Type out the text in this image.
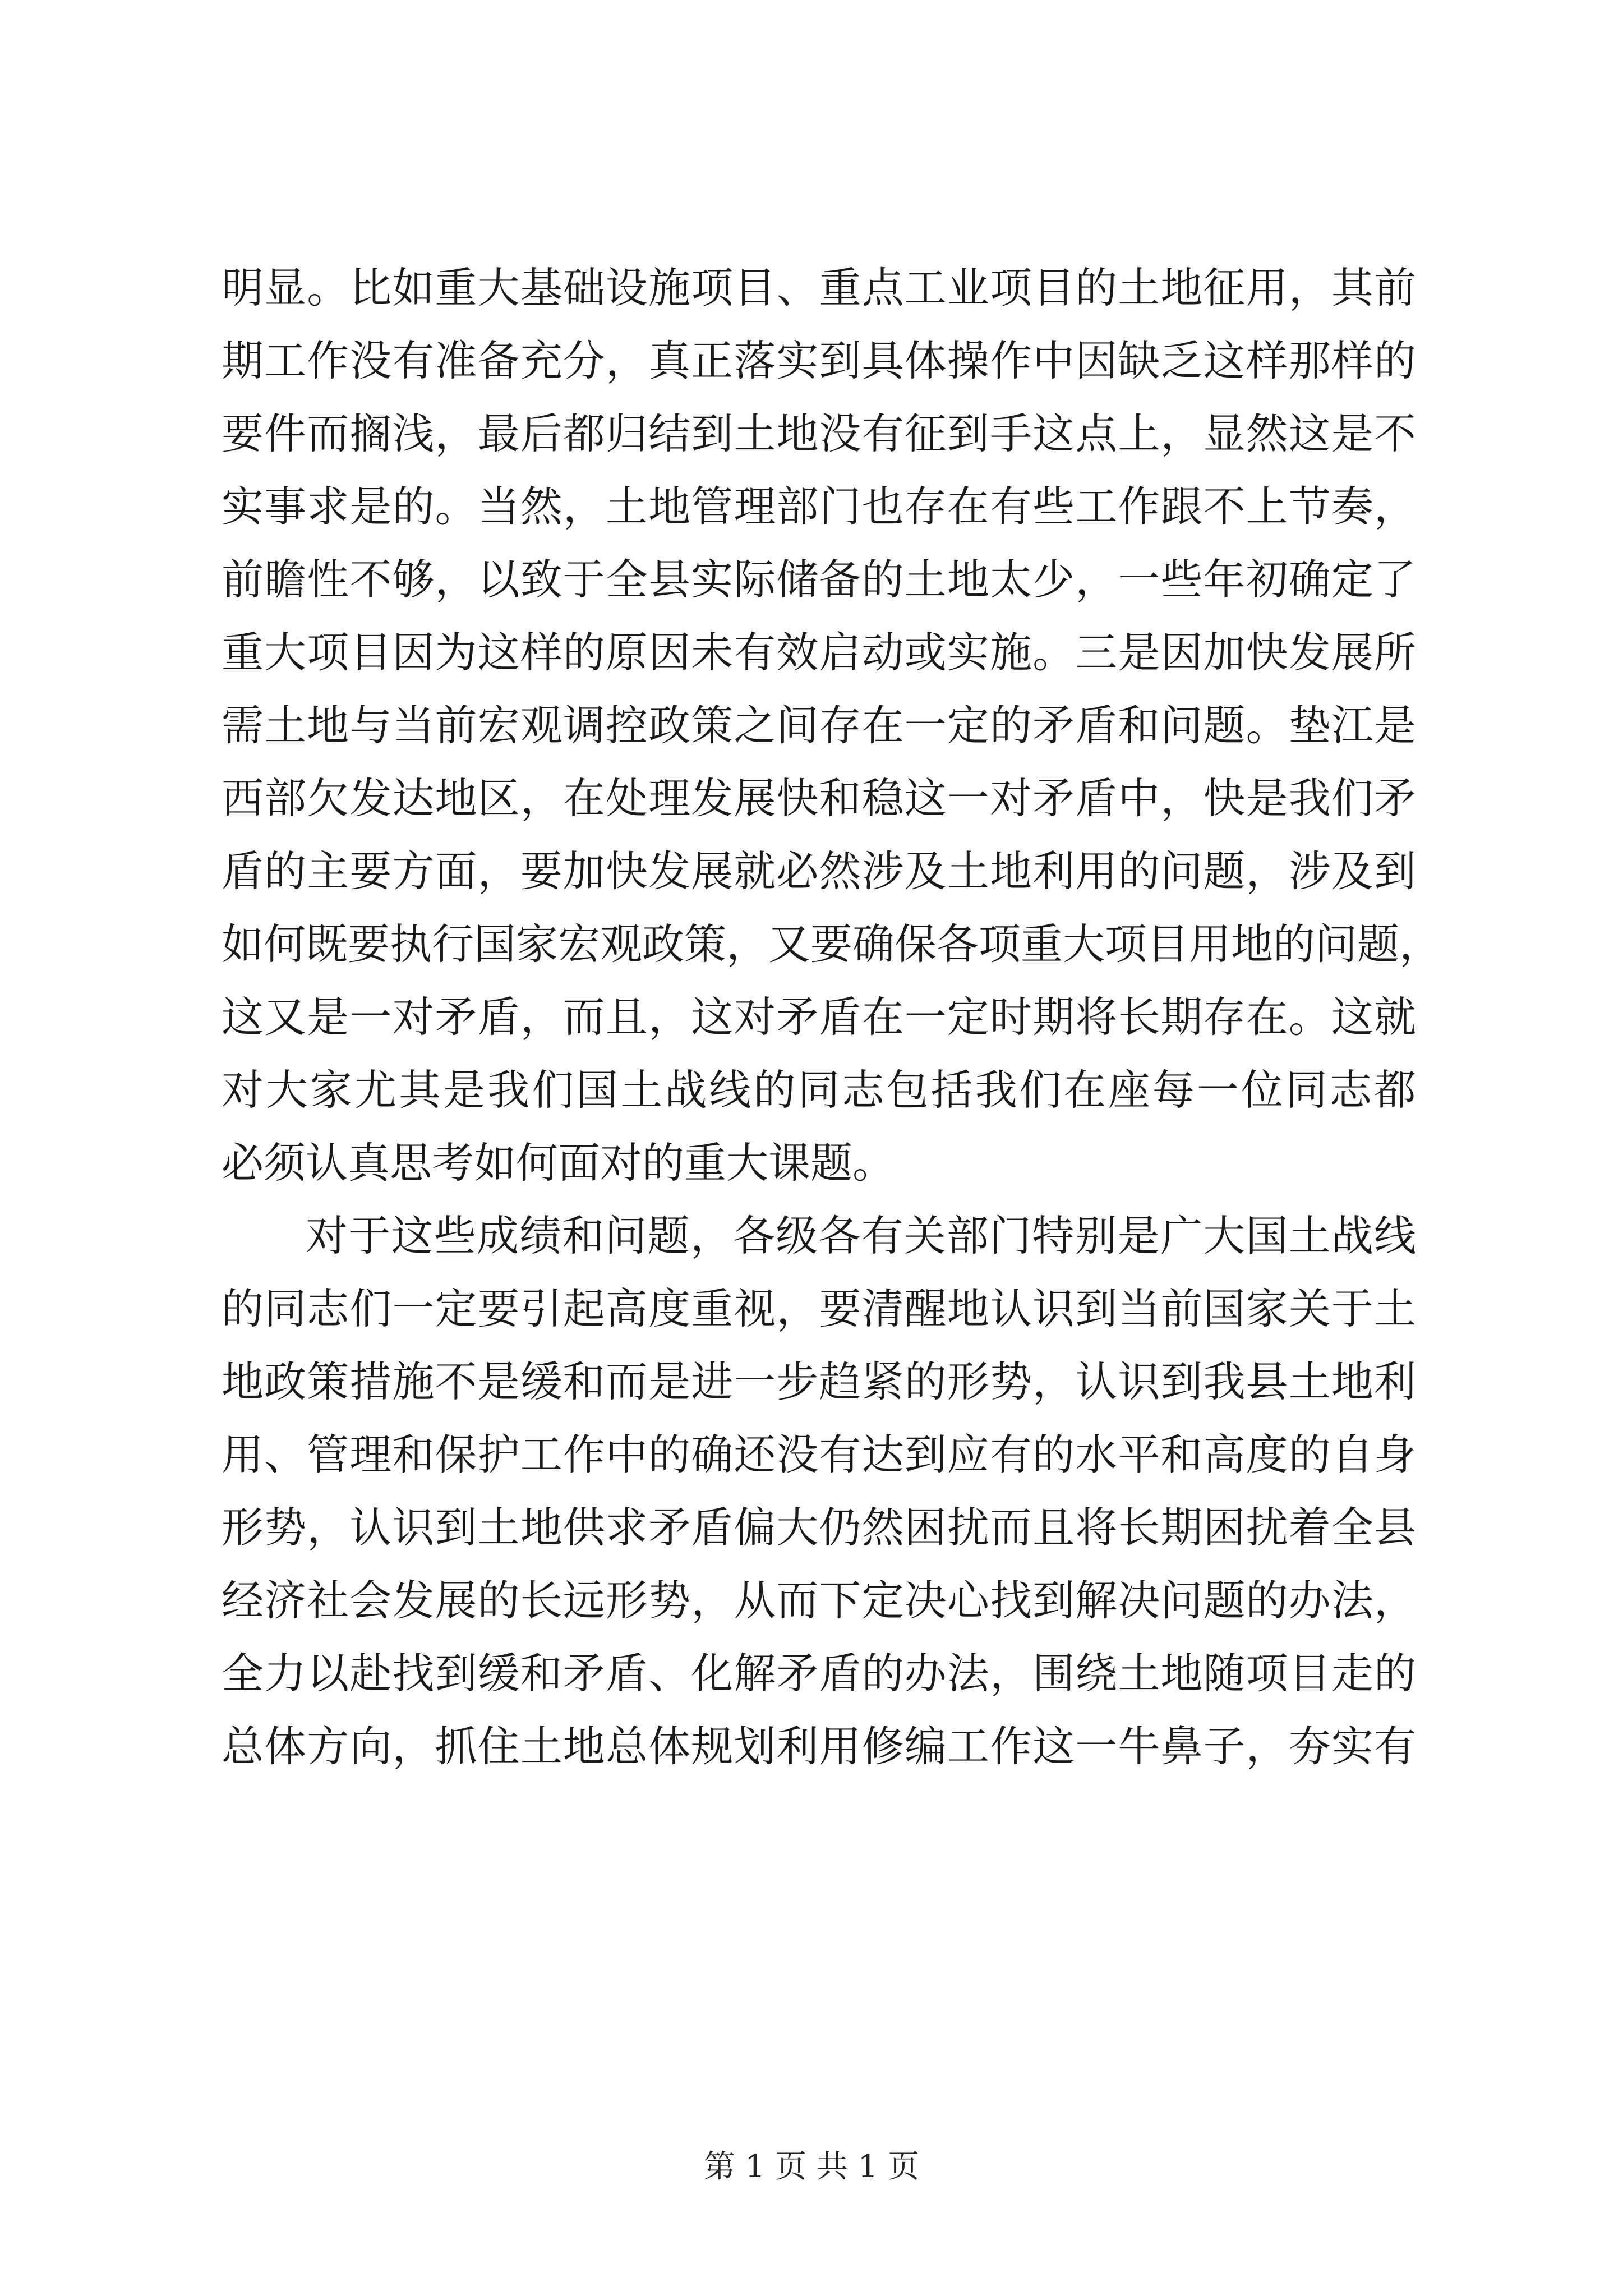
明显。比如重大基础设施项目、重点工业项目的土地征用，其前
期工作没有准备充分，真正落实到具体操作中因缺乏这样那样的
要件而搁浅，最后都归结到土地没有征到手这点上，显然这是不
实事求是的。当然，土地管理部门也存在有些工作跟不上节奏，
前瞻性不够，以致于全县实际储备的土地太少，一些年初确定了
重大项目因为这样的原因未有效启动或实施。三是因加快发展所
需土地与当前宏观调控政策之间存在一定的矛盾和问题。垫江是
西部欠发达地区，在处理发展快和稳这一对矛盾中，快是我们矛
盾的主要方面，要加快发展就必然涉及土地利用的问题，涉及到
如何既要执行国家宏观政策，又要确保各项重大项目用地的问题，
这又是一对矛盾，而且，这对矛盾在一定时期将长期存在。这就
对大家尤其是我们国土战线的同志包括我们在座每一位同志都
必须认真思考如何面对的重大课题。
对于这些成绩和问题，各级各有关部门特别是广大国土战线
的同志们一定要引起高度重视，要清醒地认识到当前国家关于土
地政策措施不是缓和而是进一步趋紧的形势，认识到我县土地利
用、管理和保护工作中的确还没有达到应有的水平和高度的自身
形势，认识到土地供求矛盾偏大仍然困扰而且将长期困扰着全县
经济社会发展的长远形势，从而下定决心找到解决问题的办法，
全力以赴找到缓和矛盾、化解矛盾的办法，围绕土地随项目走的
总体方向，抓住土地总体规划利用修编工作这一牛鼻子，夯实有
第 1 页 共 1 页
